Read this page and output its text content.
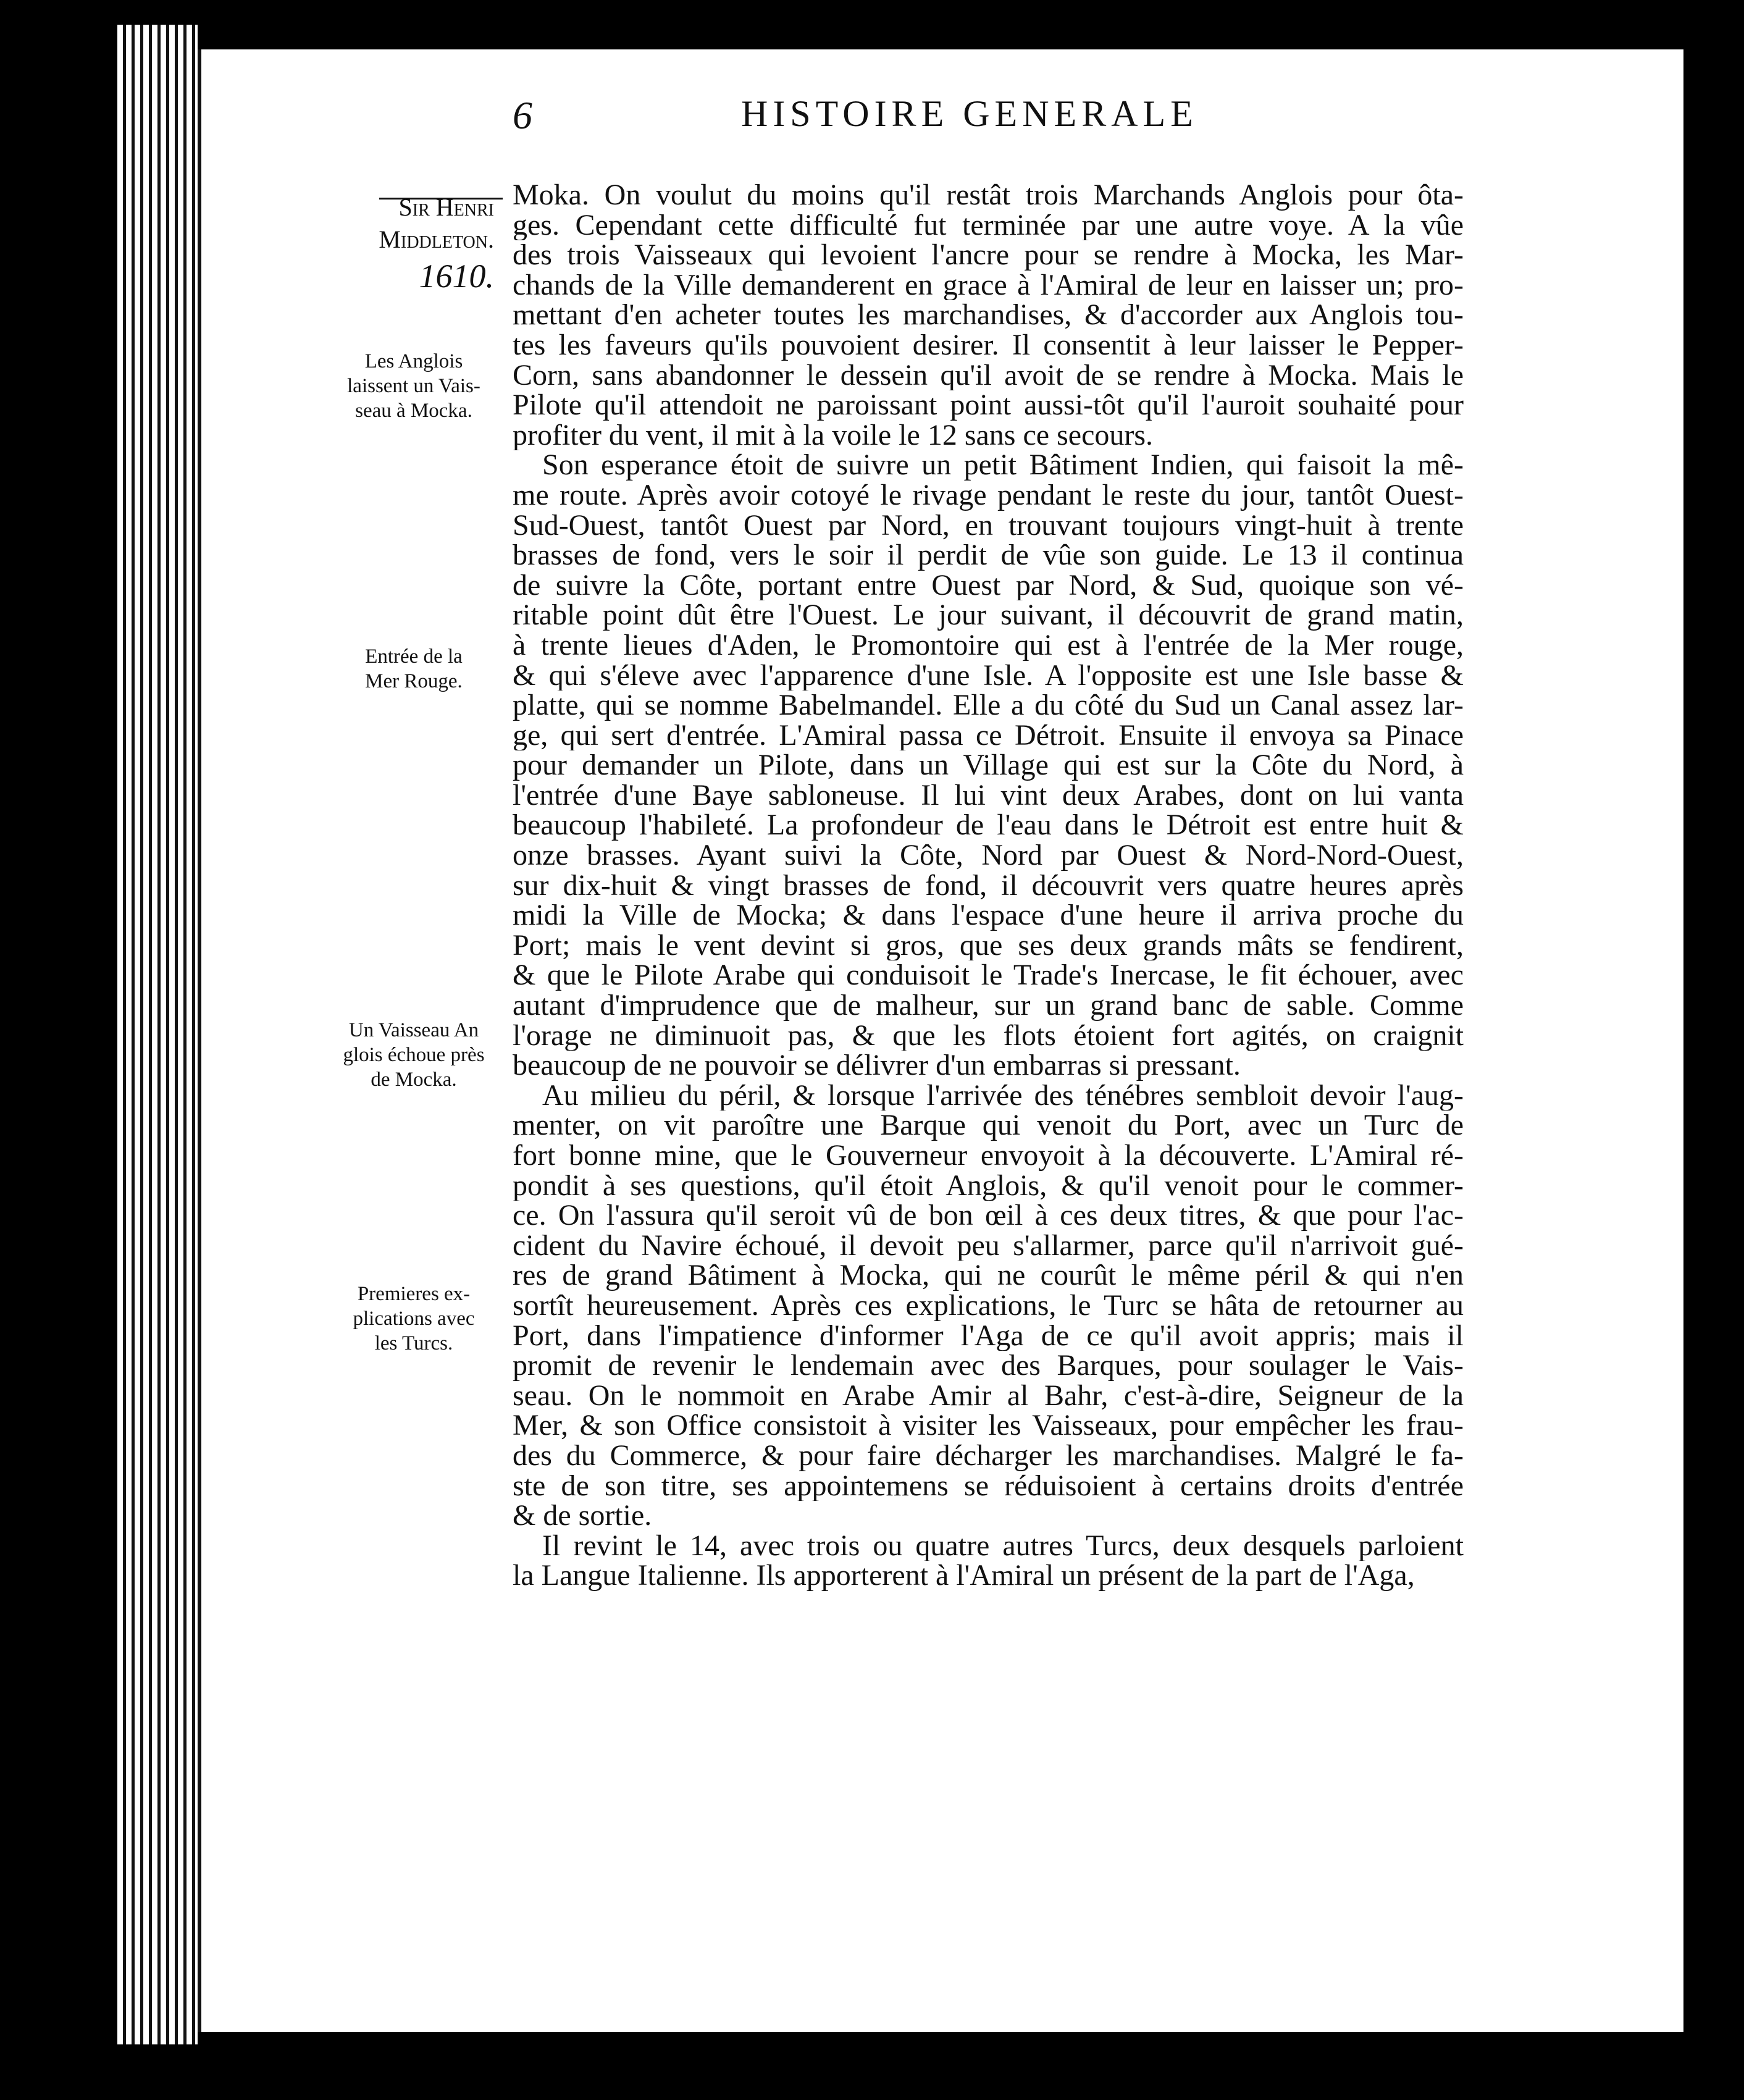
6	HISTOIRE GENERALE
Sir Henri
Middleton.
1610.
Les Anglois
laissent un Vais-
seau à Mocka.
Entrée de la
Mer Rouge.
Un Vaisseau An
glois échoue près
de Mocka.
Premieres ex-
plications avec
les Turcs.
Moka. On voulut du moins qu'il restât trois Marchands Anglois pour ôta-
ges. Cependant cette difficulté fut terminée par une autre voye. A la vûe
des trois Vaisseaux qui levoient l'ancre pour se rendre à Mocka, les Mar-
chands de la Ville demanderent en grace à l'Amiral de leur en laisser un; pro-
mettant d'en acheter toutes les marchandises, & d'accorder aux Anglois tou-
tes les faveurs qu'ils pouvoient desirer. Il consentit à leur laisser le Pepper-
Corn, sans abandonner le dessein qu'il avoit de se rendre à Mocka. Mais le
Pilote qu'il attendoit ne paroissant point aussi-tôt qu'il l'auroit souhaité pour
profiter du vent, il mit à la voile le 12 sans ce secours.
Son esperance étoit de suivre un petit Bâtiment Indien, qui faisoit la mê-
me route. Après avoir cotoyé le rivage pendant le reste du jour, tantôt Ouest-
Sud-Ouest, tantôt Ouest par Nord, en trouvant toujours vingt-huit à trente
brasses de fond, vers le soir il perdit de vûe son guide. Le 13 il continua
de suivre la Côte, portant entre Ouest par Nord, & Sud, quoique son vé-
ritable point dût être l'Ouest. Le jour suivant, il découvrit de grand matin,
à trente lieues d'Aden, le Promontoire qui est à l'entrée de la Mer rouge,
& qui s'éleve avec l'apparence d'une Isle. A l'opposite est une Isle basse &
platte, qui se nomme Babelmandel. Elle a du côté du Sud un Canal assez lar-
ge, qui sert d'entrée. L'Amiral passa ce Détroit. Ensuite il envoya sa Pinace
pour demander un Pilote, dans un Village qui est sur la Côte du Nord, à
l'entrée d'une Baye sabloneuse. Il lui vint deux Arabes, dont on lui vanta
beaucoup l'habileté. La profondeur de l'eau dans le Détroit est entre huit &
onze brasses. Ayant suivi la Côte, Nord par Ouest & Nord-Nord-Ouest,
sur dix-huit & vingt brasses de fond, il découvrit vers quatre heures après
midi la Ville de Mocka; & dans l'espace d'une heure il arriva proche du
Port; mais le vent devint si gros, que ses deux grands mâts se fendirent,
& que le Pilote Arabe qui conduisoit le Trade's Inercase, le fit échouer, avec
autant d'imprudence que de malheur, sur un grand banc de sable. Comme
l'orage ne diminuoit pas, & que les flots étoient fort agités, on craignit
beaucoup de ne pouvoir se délivrer d'un embarras si pressant.
Au milieu du péril, & lorsque l'arrivée des ténébres sembloit devoir l'aug-
menter, on vit paroître une Barque qui venoit du Port, avec un Turc de
fort bonne mine, que le Gouverneur envoyoit à la découverte. L'Amiral ré-
pondit à ses questions, qu'il étoit Anglois, & qu'il venoit pour le commer-
ce. On l'assura qu'il seroit vû de bon œil à ces deux titres, & que pour l'ac-
cident du Navire échoué, il devoit peu s'allarmer, parce qu'il n'arrivoit gué-
res de grand Bâtiment à Mocka, qui ne courût le même péril & qui n'en
sortît heureusement. Après ces explications, le Turc se hâta de retourner au
Port, dans l'impatience d'informer l'Aga de ce qu'il avoit appris; mais il
promit de revenir le lendemain avec des Barques, pour soulager le Vais-
seau. On le nommoit en Arabe Amir al Bahr, c'est-à-dire, Seigneur de la
Mer, & son Office consistoit à visiter les Vaisseaux, pour empêcher les frau-
des du Commerce, & pour faire décharger les marchandises. Malgré le fa-
ste de son titre, ses appointemens se réduisoient à certains droits d'entrée
& de sortie.
Il revint le 14, avec trois ou quatre autres Turcs, deux desquels parloient
la Langue Italienne. Ils apporterent à l'Amiral un présent de la part de l'Aga,
